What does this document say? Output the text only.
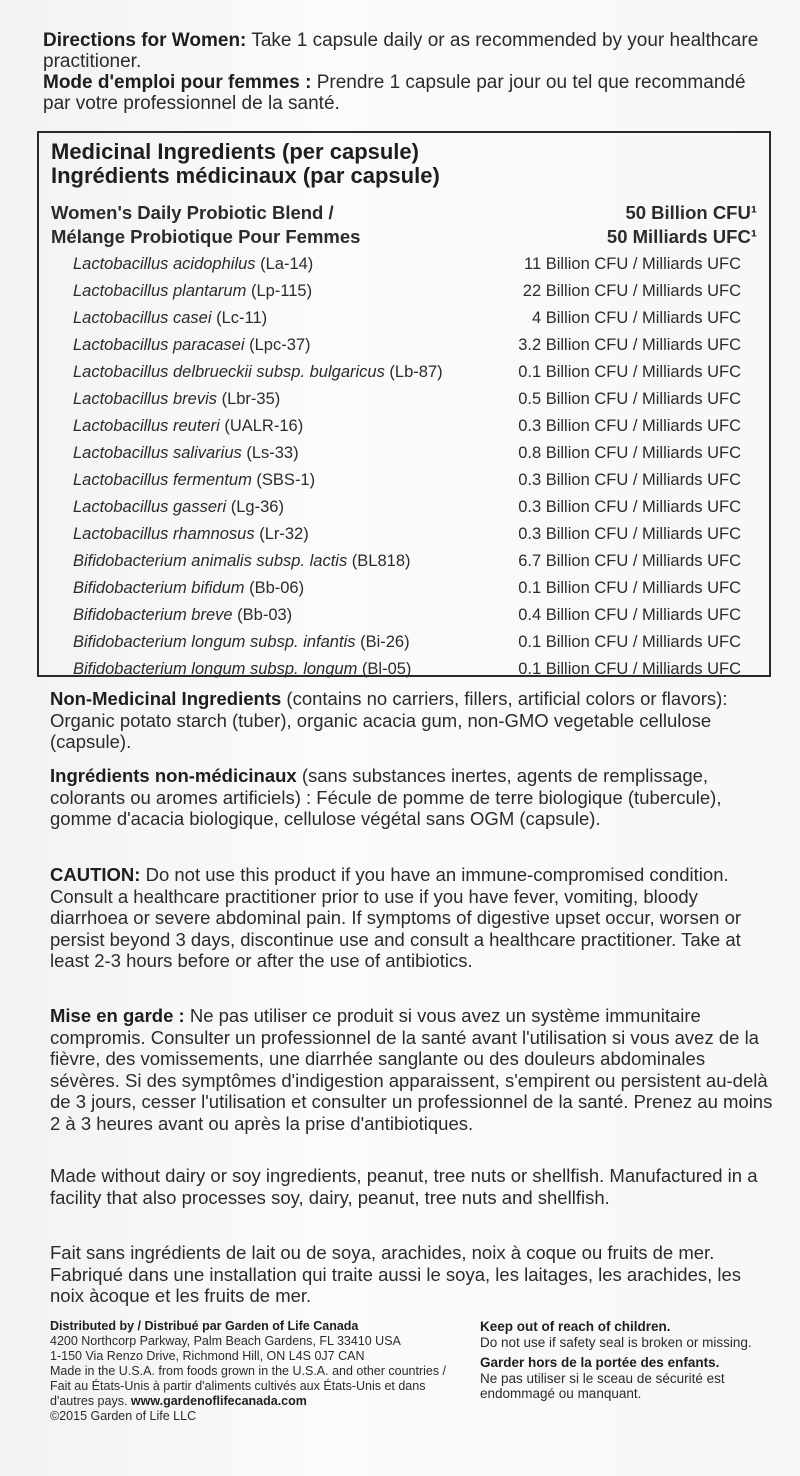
Directions for Women: Take 1 capsule daily or as recommended by your healthcare practitioner.

Mode d'emploi pour femmes : Prendre 1 capsule par jour ou tel que recommandé par votre professionnel de la santé.

Medicinal Ingredients (per capsule)
Ingrédients médicinaux (par capsule)
Women's Daily Probiotic Blend /
Mélange Probiotique Pour Femmes
50 Billion CFU¹
50 Milliards UFC¹
Lactobacillus acidophilus (La-14)	11 Billion CFU / Milliards UFC
Lactobacillus plantarum (Lp-115)	22 Billion CFU / Milliards UFC
Lactobacillus casei (Lc-11)	4 Billion CFU / Milliards UFC
Lactobacillus paracasei (Lpc-37)	3.2 Billion CFU / Milliards UFC
Lactobacillus delbrueckii subsp. bulgaricus (Lb-87)	0.1 Billion CFU / Milliards UFC
Lactobacillus brevis (Lbr-35)	0.5 Billion CFU / Milliards UFC
Lactobacillus reuteri (UALR-16)	0.3 Billion CFU / Milliards UFC
Lactobacillus salivarius (Ls-33)	0.8 Billion CFU / Milliards UFC
Lactobacillus fermentum (SBS-1)	0.3 Billion CFU / Milliards UFC
Lactobacillus gasseri (Lg-36)	0.3 Billion CFU / Milliards UFC
Lactobacillus rhamnosus (Lr-32)	0.3 Billion CFU / Milliards UFC
Bifidobacterium animalis subsp. lactis (BL818)	6.7 Billion CFU / Milliards UFC
Bifidobacterium bifidum (Bb-06)	0.1 Billion CFU / Milliards UFC
Bifidobacterium breve (Bb-03)	0.4 Billion CFU / Milliards UFC
Bifidobacterium longum subsp. infantis (Bi-26)	0.1 Billion CFU / Milliards UFC
Bifidobacterium longum subsp. longum (Bl-05)	0.1 Billion CFU / Milliards UFC

Non-Medicinal Ingredients (contains no carriers, fillers, artificial colors or flavors): Organic potato starch (tuber), organic acacia gum, non-GMO vegetable cellulose (capsule).

Ingrédients non-médicinaux (sans substances inertes, agents de remplissage, colorants ou aromes artificiels) : Fécule de pomme de terre biologique (tubercule), gomme d'acacia biologique, cellulose végétal sans OGM (capsule).

CAUTION: Do not use this product if you have an immune-compromised condition. Consult a healthcare practitioner prior to use if you have fever, vomiting, bloody diarrhoea or severe abdominal pain. If symptoms of digestive upset occur, worsen or persist beyond 3 days, discontinue use and consult a healthcare practitioner. Take at least 2-3 hours before or after the use of antibiotics.

Mise en garde : Ne pas utiliser ce produit si vous avez un système immunitaire compromis. Consulter un professionnel de la santé avant l'utilisation si vous avez de la fièvre, des vomissements, une diarrhée sanglante ou des douleurs abdominales sévères. Si des symptômes d'indigestion apparaissent, s'empirent ou persistent au-delà de 3 jours, cesser l'utilisation et consulter un professionnel de la santé. Prenez au moins 2 à 3 heures avant ou après la prise d'antibiotiques.

Made without dairy or soy ingredients, peanut, tree nuts or shellfish. Manufactured in a facility that also processes soy, dairy, peanut, tree nuts and shellfish.

Fait sans ingrédients de lait ou de soya, arachides, noix à coque ou fruits de mer. Fabriqué dans une installation qui traite aussi le soya, les laitages, les arachides, les noix àcoque et les fruits de mer.

Distributed by / Distribué par Garden of Life Canada
4200 Northcorp Parkway, Palm Beach Gardens, FL 33410 USA
1-150 Via Renzo Drive, Richmond Hill, ON L4S 0J7 CAN
Made in the U.S.A. from foods grown in the U.S.A. and other countries / Fait au États-Unis à partir d'aliments cultivés aux États-Unis et dans d'autres pays. www.gardenoflifecanada.com
©2015 Garden of Life LLC
Keep out of reach of children.
Do not use if safety seal is broken or missing.
Garder hors de la portée des enfants.
Ne pas utiliser si le sceau de sécurité est endommagé ou manquant.
